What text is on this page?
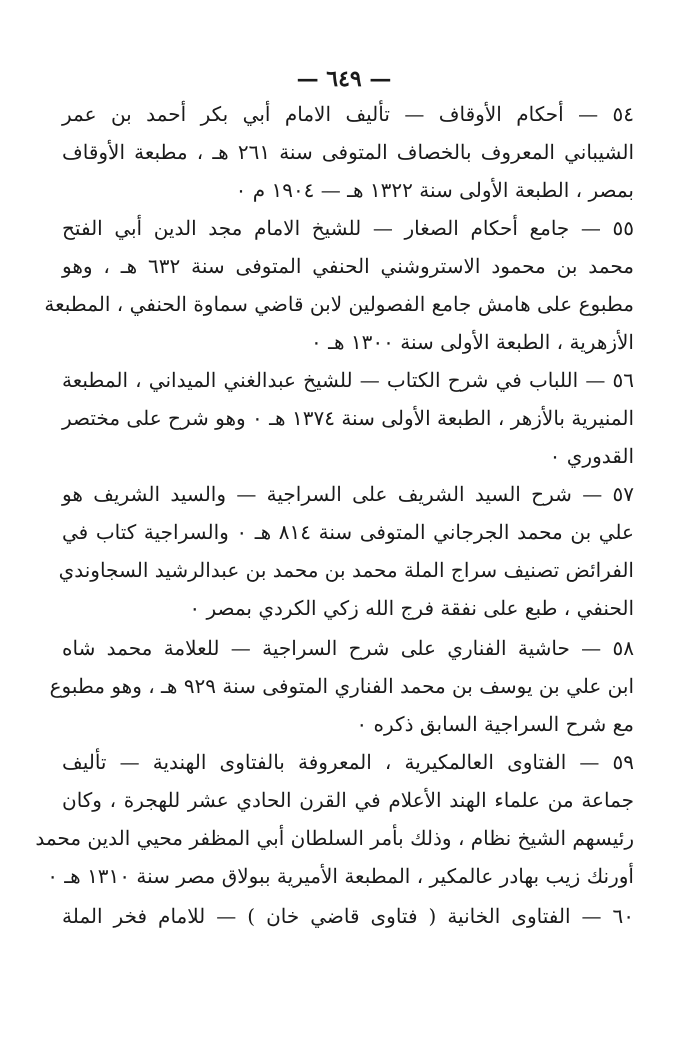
— ٦٤٩ —
٥٤ — أحكام الأوقاف — تأليف الامام أبي بكر أحمد بن عمر
الشيباني المعروف بالخصاف المتوفى سنة ٢٦١ هـ ، مطبعة الأوقاف
بمصر ، الطبعة الأولى سنة ١٣٢٢ هـ — ١٩٠٤ م ٠
٥٥ — جامع أحكام الصغار — للشيخ الامام مجد الدين أبي الفتح
محمد بن محمود الاستروشني الحنفي المتوفى سنة ٦٣٢ هـ ، وهو
مطبوع على هامش جامع الفصولين لابن قاضي سماوة الحنفي ، المطبعة
الأزهرية ، الطبعة الأولى سنة ١٣٠٠ هـ ٠
٥٦ — اللباب في شرح الكتاب — للشيخ عبدالغني الميداني ، المطبعة
المنيرية بالأزهر ، الطبعة الأولى سنة ١٣٧٤ هـ ٠ وهو شرح على مختصر
القدوري ٠
٥٧ — شرح السيد الشريف على السراجية — والسيد الشريف هو
علي بن محمد الجرجاني المتوفى سنة ٨١٤ هـ ٠ والسراجية كتاب في
الفرائض تصنيف سراج الملة محمد بن محمد بن عبدالرشيد السجاوندي
الحنفي ، طبع على نفقة فرج الله زكي الكردي بمصر ٠
٥٨ — حاشية الفناري على شرح السراجية — للعلامة محمد شاه
ابن علي بن يوسف بن محمد الفناري المتوفى سنة ٩٢٩ هـ ، وهو مطبوع
مع شرح السراجية السابق ذكره ٠
٥٩ — الفتاوى العالمكيرية ، المعروفة بالفتاوى الهندية — تأليف
جماعة من علماء الهند الأعلام في القرن الحادي عشر للهجرة ، وكان
رئيسهم الشيخ نظام ، وذلك بأمر السلطان أبي المظفر محيي الدين محمد
أورنك زيب بهادر عالمكير ، المطبعة الأميرية ببولاق مصر سنة ١٣١٠ هـ ٠
٦٠ — الفتاوى الخانية ( فتاوى قاضي خان ) — للامام فخر الملة
